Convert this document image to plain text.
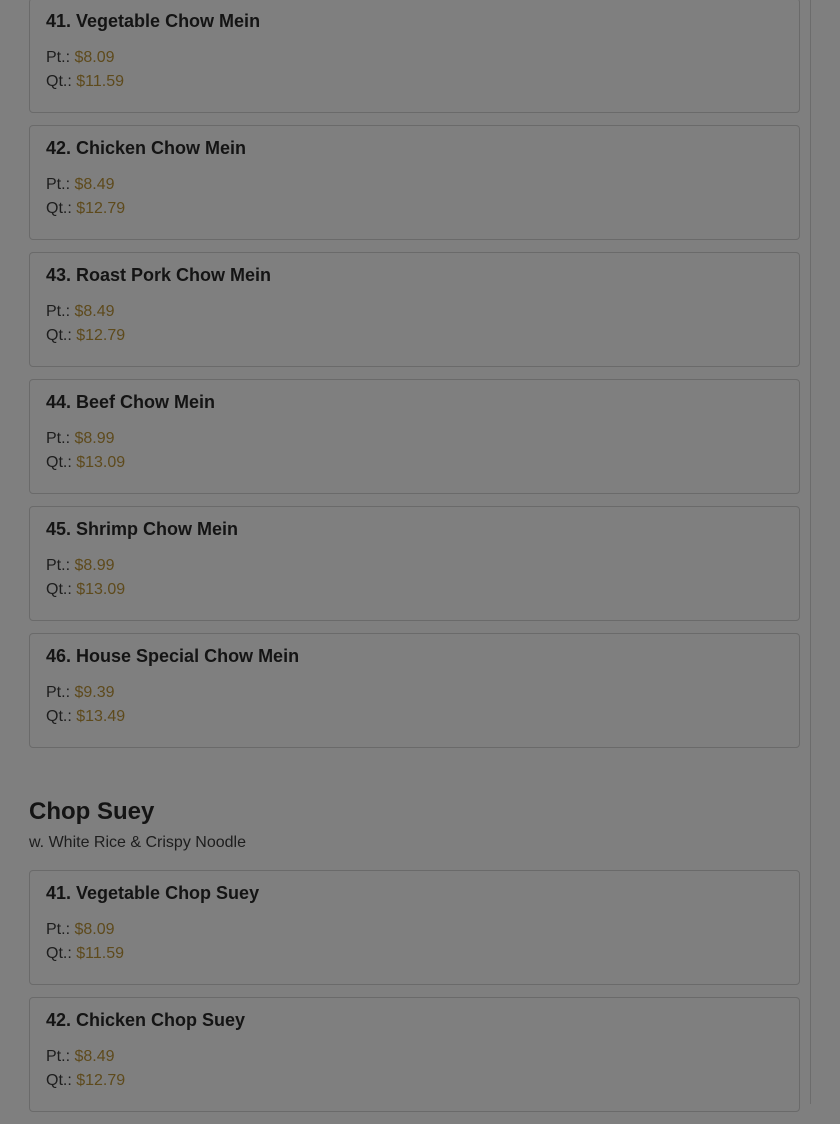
41. Vegetable Chow Mein
Pt.: $8.09
Qt.: $11.59
42. Chicken Chow Mein
Pt.: $8.49
Qt.: $12.79
43. Roast Pork Chow Mein
Pt.: $8.49
Qt.: $12.79
44. Beef Chow Mein
Pt.: $8.99
Qt.: $13.09
45. Shrimp Chow Mein
Pt.: $8.99
Qt.: $13.09
46. House Special Chow Mein
Pt.: $9.39
Qt.: $13.49
Chop Suey
w. White Rice & Crispy Noodle
41. Vegetable Chop Suey
Pt.: $8.09
Qt.: $11.59
42. Chicken Chop Suey
Pt.: $8.49
Qt.: $12.79
